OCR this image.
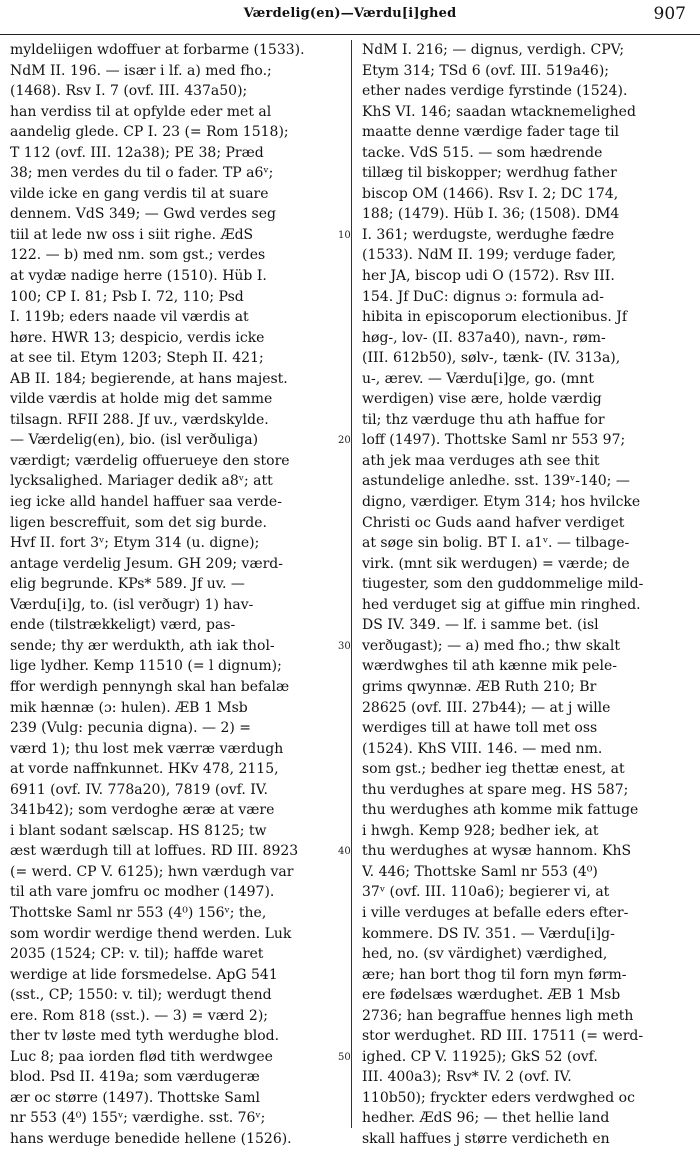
Værdelig(en)—Værdu[i]ghed	907
myldeliigen wdoffuer at forbarme (1533).
NdM II. 196. — især i lf. a) med fho.;
(1468). Rsv I. 7 (ovf. III. 437a50);
han verdiss til at opfylde eder met al
aandelig glede. CP I. 23 (= Rom 1518);
T 112 (ovf. III. 12a38); PE 38; Præd
38; men verdes du til o fader. TP a6ᵛ;
vilde icke en gang verdis til at suare
dennem. VdS 349; — Gwd verdes seg
tiil at lede nw oss i siit righe. ÆdS
122. — b) med nm. som gst.; verdes
at vydæ nadige herre (1510). Hüb I.
100; CP I. 81; Psb I. 72, 110; Psd
I. 119b; eders naade vil værdis at
høre. HWR 13; despicio, verdis icke
at see til. Etym 1203; Steph II. 421;
AB II. 184; begierende, at hans majest.
vilde værdis at holde mig det samme
tilsagn. RFII 288. Jf uv., værdskylde.
— Værdelig(en), bio. (isl verðuliga)
værdigt; værdelig offuerueye den store
lycksalighed. Mariager dedik a8ᵛ; att
ieg icke alld handel haffuer saa verde-
ligen bescreffuit, som det sig burde.
Hvf II. fort 3ᵛ; Etym 314 (u. digne);
antage verdelig Jesum. GH 209; værd-
elig begrunde. KPs* 589. Jf uv. —
Værdu[i]g, to. (isl verðugr) 1) hav-
ende (tilstrækkeligt) værd, pas-
sende; thy ær werdukth, ath iak thol-
lige lydher. Kemp 11510 (= l dignum);
ffor werdigh pennyngh skal han befalæ
mik hænnæ (ɔ: hulen). ÆB 1 Msb
239 (Vulg: pecunia digna). — 2) =
værd 1); thu lost mek værræ værdugh
at vorde naffnkunnet. HKv 478, 2115,
6911 (ovf. IV. 778a20), 7819 (ovf. IV.
341b42); som verdoghe æræ at være
i blant sodant sælscap. HS 8125; tw
æst wærdugh till at loffues. RD III. 8923
(= werd. CP V. 6125); hwn værdugh var
til ath vare jomfru oc modher (1497).
Thottske Saml nr 553 (4⁰) 156ᵛ; the,
som wordir werdige thend werden. Luk
2035 (1524; CP: v. til); haffde waret
werdige at lide forsmedelse. ApG 541
(sst., CP; 1550: v. til); werdugt thend
ere. Rom 818 (sst.). — 3) = værd 2);
ther tv løste med tyth werdughe blod.
Luc 8; paa iorden flød tith werdwgee
blod. Psd II. 419a; som værdugeræ
ær oc større (1497). Thottske Saml
nr 553 (4⁰) 155ᵛ; værdighe. sst. 76ᵛ;
hans werduge benedide hellene (1526).
NdM I. 216; — dignus, verdigh. CPV;
Etym 314; TSd 6 (ovf. III. 519a46);
ether nades verdige fyrstinde (1524).
KhS VI. 146; saadan wtacknemelighed
maatte denne værdige fader tage til
tacke. VdS 515. — som hædrende
tillæg til biskopper; werdhug father
biscop OM (1466). Rsv I. 2; DC 174,
188; (1479). Hüb I. 36; (1508). DM4
I. 361; werdugste, werdughe fædre
(1533). NdM II. 199; verduge fader,
her JA, biscop udi O (1572). Rsv III.
154. Jf DuC: dignus ɔ: formula ad-
hibita in episcoporum electionibus. Jf
høg-, lov- (II. 837a40), navn-, røm-
(III. 612b50), sølv-, tænk- (IV. 313a),
u-, ærev. — Værdu[i]ge, go. (mnt
werdigen) vise ære, holde værdig
til; thz værduge thu ath haffue for
loff (1497). Thottske Saml nr 553 97;
ath jek maa verduges ath see thit
astundelige anledhe. sst. 139ᵛ-140; —
digno, værdiger. Etym 314; hos hvilcke
Christi oc Guds aand hafver verdiget
at søge sin bolig. BT I. a1ᵛ. — tilbage-
virk. (mnt sik werdugen) = værde; de
tiugester, som den guddommelige mild-
hed verduget sig at giffue min ringhed.
DS IV. 349. — lf. i samme bet. (isl
verðugast); — a) med fho.; thw skalt
wærdwghes til ath kænne mik pele-
grims qwynnæ. ÆB Ruth 210; Br
28625 (ovf. III. 27b44); — at j wille
werdiges till at hawe toll met oss
(1524). KhS VIII. 146. — med nm.
som gst.; bedher ieg thettæ enest, at
thu verdughes at spare meg. HS 587;
thu werdughes ath komme mik fattuge
i hwgh. Kemp 928; bedher iek, at
thu werdughes at wysæ hannom. KhS
V. 446; Thottske Saml nr 553 (4⁰)
37ᵛ (ovf. III. 110a6); begierer vi, at
i ville verduges at befalle eders efter-
kommere. DS IV. 351. — Værdu[i]g-
hed, no. (sv värdighet) værdighed,
ære; han bort thog til forn myn førm-
ere fødelsæs wærdughet. ÆB 1 Msb
2736; han begraffue hennes ligh meth
stor werdughet. RD III. 17511 (= werd-
ighed. CP V. 11925); GkS 52 (ovf.
III. 400a3); Rsv* IV. 2 (ovf. IV.
110b50); fryckter eders verdwghed oc
hedher. ÆdS 96; — thet hellie land
skall haffues j større verdicheth en
10
20
30
40
50
